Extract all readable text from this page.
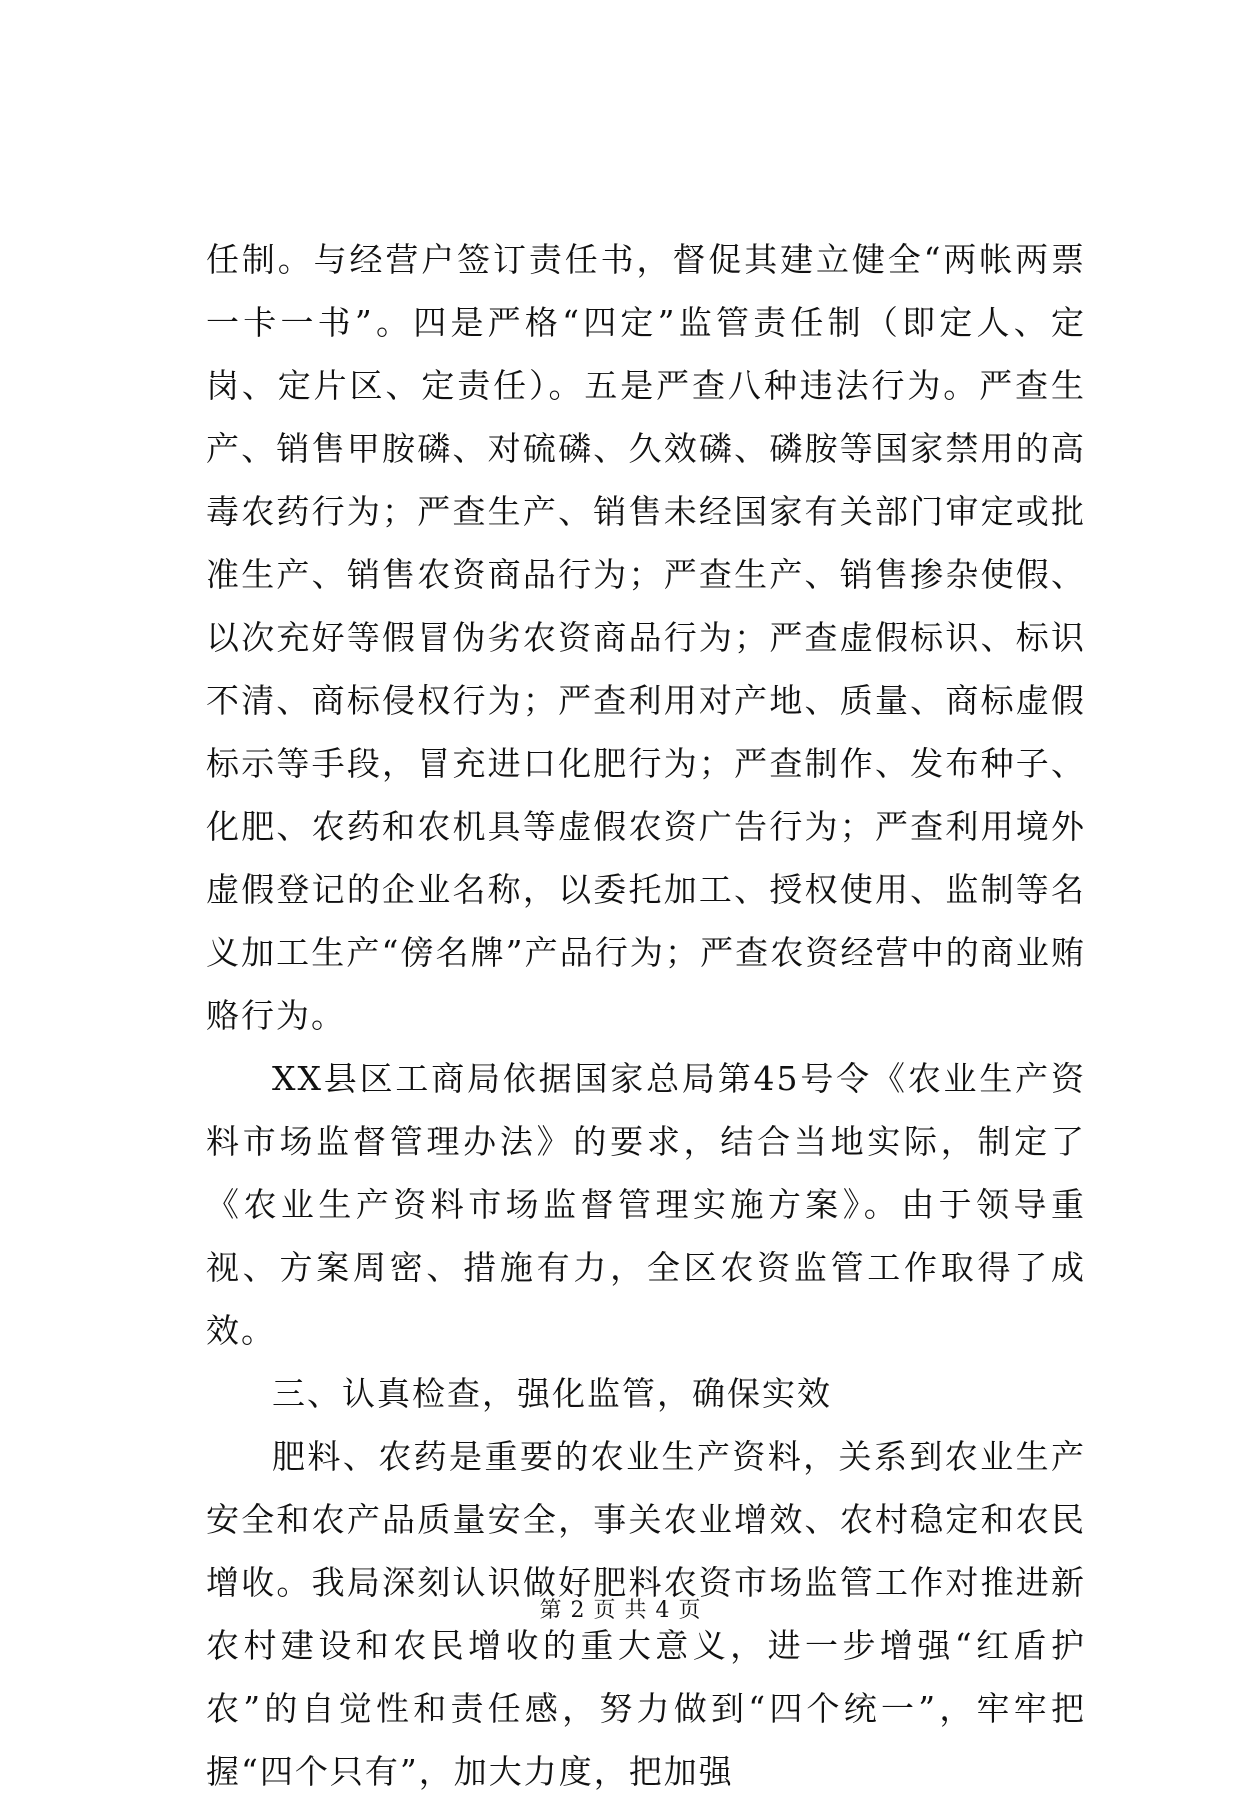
任制。与经营户签订责任书，督促其建立健全“两帐两票一卡一书”。四是严格“四定”监管责任制（即定人、定岗、定片区、定责任）。五是严查八种违法行为。严查生产、销售甲胺磷、对硫磷、久效磷、磷胺等国家禁用的高毒农药行为；严查生产、销售未经国家有关部门审定或批准生产、销售农资商品行为；严查生产、销售掺杂使假、以次充好等假冒伪劣农资商品行为；严查虚假标识、标识不清、商标侵权行为；严查利用对产地、质量、商标虚假标示等手段，冒充进口化肥行为；严查制作、发布种子、化肥、农药和农机具等虚假农资广告行为；严查利用境外虚假登记的企业名称，以委托加工、授权使用、监制等名义加工生产“傍名牌”产品行为；严查农资经营中的商业贿赂行为。

XX县区工商局依据国家总局第45号令《农业生产资料市场监督管理办法》的要求，结合当地实际，制定了《农业生产资料市场监督管理实施方案》。由于领导重视、方案周密、措施有力，全区农资监管工作取得了成效。

三、认真检查，强化监管，确保实效

肥料、农药是重要的农业生产资料，关系到农业生产安全和农产品质量安全，事关农业增效、农村稳定和农民增收。我局深刻认识做好肥料农资市场监管工作对推进新农村建设和农民增收的重大意义，进一步增强“红盾护农”的自觉性和责任感，努力做到“四个统一”，牢牢把握“四个只有”，加大力度，把加强

第 2 页 共 4 页
